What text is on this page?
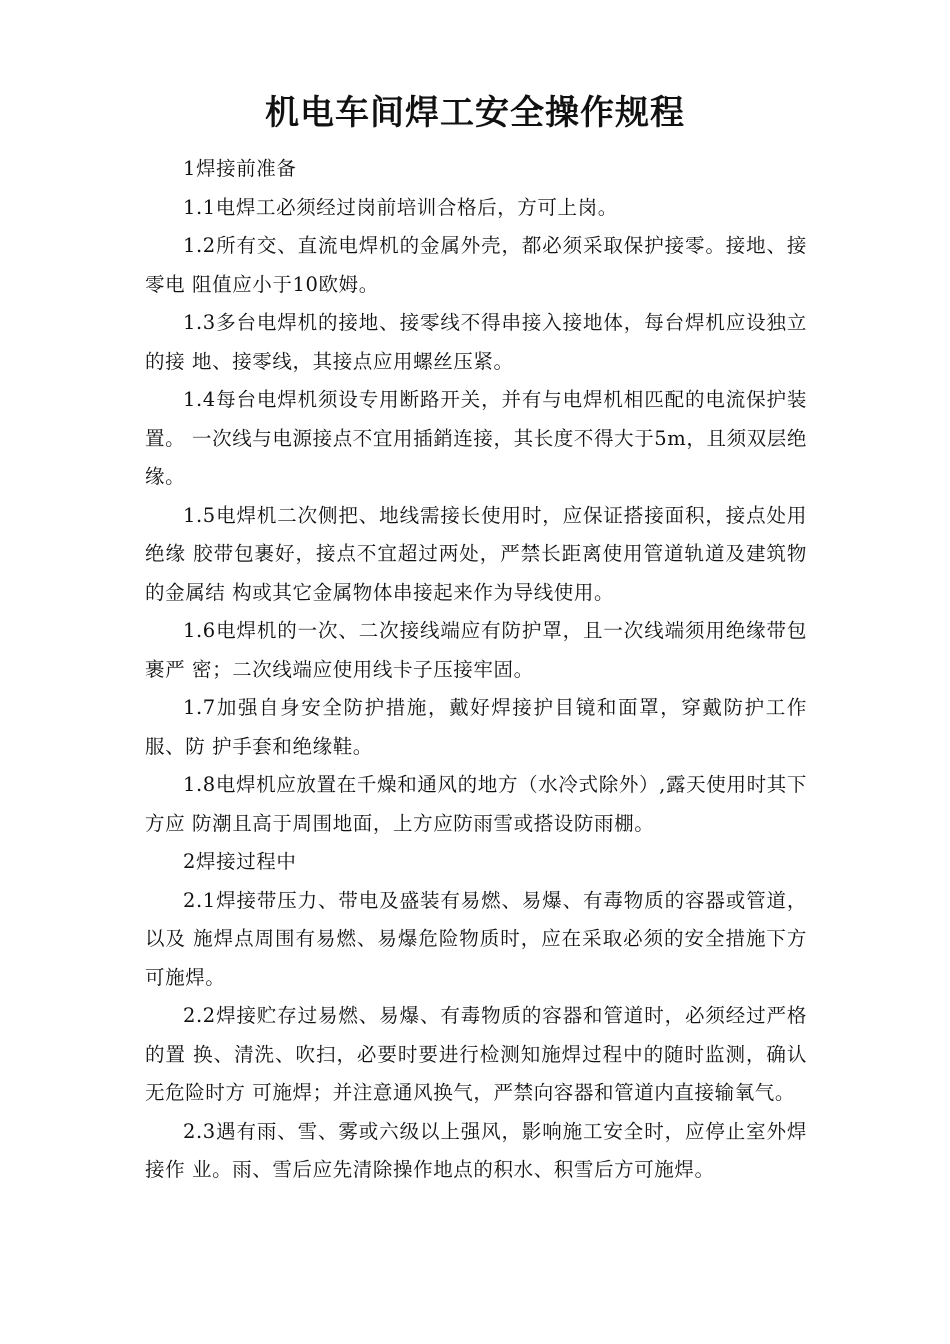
机电车间焊工安全操作规程

1焊接前准备

1.1电焊工必须经过岗前培训合格后，方可上岗。

1.2所有交、直流电焊机的金属外壳，都必须采取保护接零。接地、接零电 阻值应小于10欧姆。

1.3多台电焊机的接地、接零线不得串接入接地体，每台焊机应设独立的接 地、接零线，其接点应用螺丝压紧。

1.4每台电焊机须设专用断路开关，并有与电焊机相匹配的电流保护装置。 一次线与电源接点不宜用插銷连接，其长度不得大于5m，且须双层绝缘。

1.5电焊机二次侧把、地线需接长使用时，应保证搭接面积，接点处用绝缘 胶带包裹好，接点不宜超过两处，严禁长距离使用管道轨道及建筑物的金属结 构或其它金属物体串接起来作为导线使用。

1.6电焊机的一次、二次接线端应有防护罩，且一次线端须用绝缘带包裹严 密；二次线端应使用线卡子压接牢固。

1.7加强自身安全防护措施，戴好焊接护目镜和面罩，穿戴防护工作服、防 护手套和绝缘鞋。

1.8电焊机应放置在千燥和通风的地方（水冷式除外）,露天使用时其下方应 防潮且高于周围地面，上方应防雨雪或搭设防雨棚。

2焊接过程中

2.1焊接带压力、带电及盛装有易燃、易爆、有毒物质的容器或管道，以及 施焊点周围有易燃、易爆危险物质时，应在采取必须的安全措施下方可施焊。

2.2焊接贮存过易燃、易爆、有毒物质的容器和管道时，必须经过严格的置 换、清洗、吹扫，必要时要进行检测知施焊过程中的随时监测，确认无危险时方 可施焊；并注意通风换气，严禁向容器和管道内直接输氧气。

2.3遇有雨、雪、雾或六级以上强风，影响施工安全时，应停止室外焊接作 业。雨、雪后应先清除操作地点的积水、积雪后方可施焊。
